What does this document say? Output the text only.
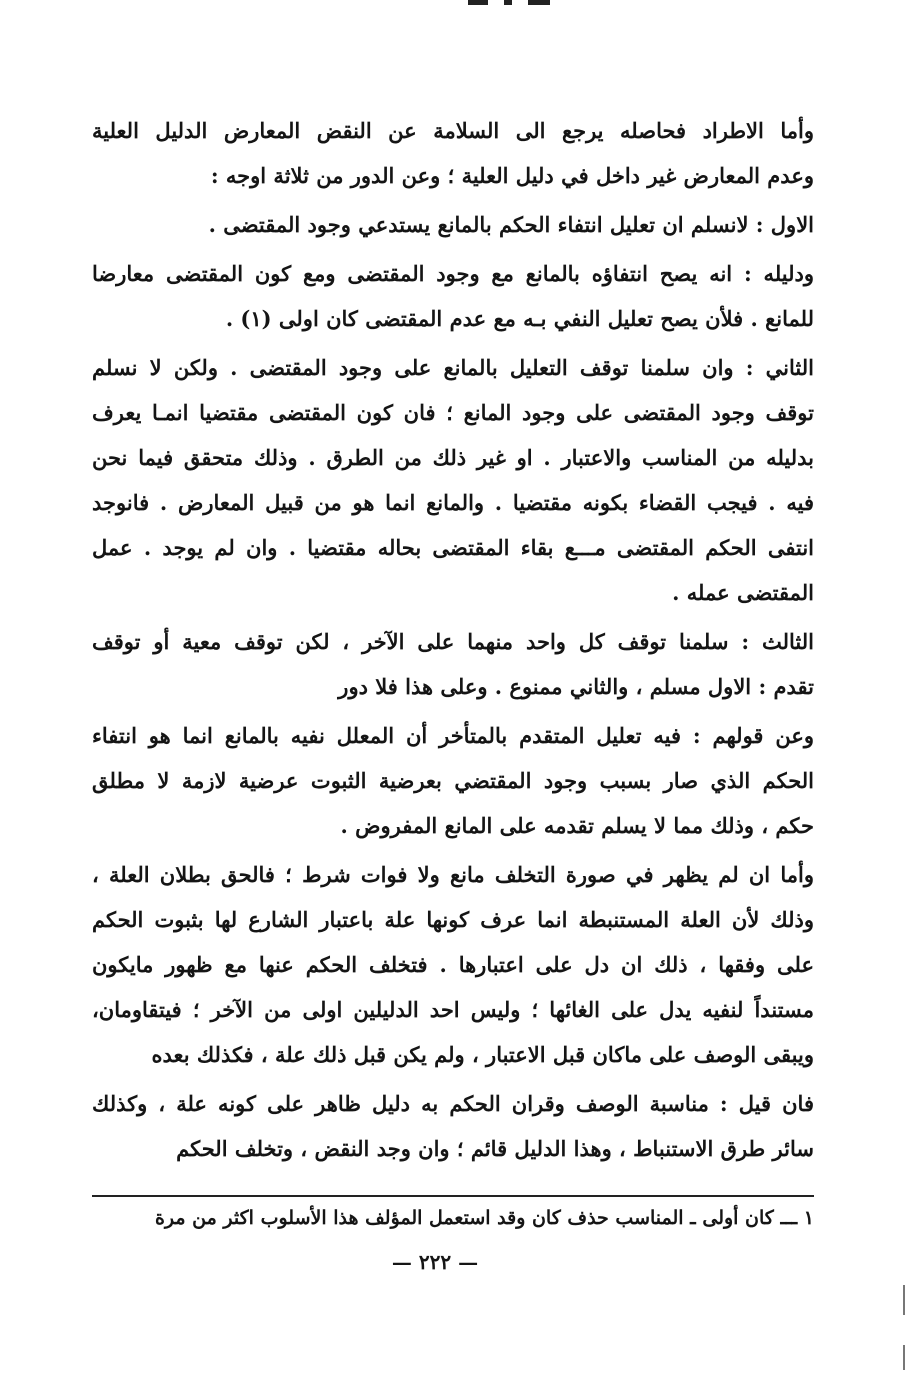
وأما الاطراد فحاصله يرجع الى السلامة عن النقض المعارض الدليل العلية
وعدم المعارض غير داخل في دليل العلية ؛ وعن الدور من ثلاثة اوجه :
الاول : لانسلم ان تعليل انتفاء الحكم بالمانع يستدعي وجود المقتضى .
ودليله : انه يصح انتفاؤه بالمانع مع وجود المقتضى ومع كون المقتضى معارضا
للمانع . فلأن يصح تعليل النفي بـه مع عدم المقتضى كان اولى (١) .
الثاني : وان سلمنا توقف التعليل بالمانع على وجود المقتضى . ولكن لا نسلم
توقف وجود المقتضى على وجود المانع ؛ فان كون المقتضى مقتضيا انمـا يعرف
بدليله من المناسب والاعتبار . او غير ذلك من الطرق . وذلك متحقق فيما نحن
فيه . فيجب القضاء بكونه مقتضيا . والمانع انما هو من قبيل المعارض . فانوجد
انتفى الحكم المقتضى مـــع بقاء المقتضى بحاله مقتضيا . وان لم يوجد . عمل
المقتضى عمله .
الثالث : سلمنا توقف كل واحد منهما على الآخر ، لكن توقف معية أو توقف
تقدم : الاول مسلم ، والثاني ممنوع . وعلى هذا فلا دور
وعن قولهم : فيه تعليل المتقدم بالمتأخر أن المعلل نفيه بالمانع انما هو انتفاء
الحكم الذي صار بسبب وجود المقتضي بعرضية الثبوت عرضية لازمة لا مطلق
حكم ، وذلك مما لا يسلم تقدمه على المانع المفروض .
وأما ان لم يظهر في صورة التخلف مانع ولا فوات شرط ؛ فالحق بطلان العلة ،
وذلك لأن العلة المستنبطة انما عرف كونها علة باعتبار الشارع لها بثبوت الحكم
على وفقها ، ذلك ان دل على اعتبارها . فتخلف الحكم عنها مع ظهور مايكون
مستنداً لنفيه يدل على الغائها ؛ وليس احد الدليلين اولى من الآخر ؛ فيتقاومان،
ويبقى الوصف على ماكان قبل الاعتبار ، ولم يكن قبل ذلك علة ، فكذلك بعده
فان قيل : مناسبة الوصف وقران الحكم به دليل ظاهر على كونه علة ، وكذلك
سائر طرق الاستنباط ، وهذا الدليل قائم ؛ وان وجد النقض ، وتخلف الحكم
١ ـــ كان أولى ـ المناسب حذف كان وقد استعمل المؤلف هذا الأسلوب اكثر من مرة
— ٢٢٢ —
